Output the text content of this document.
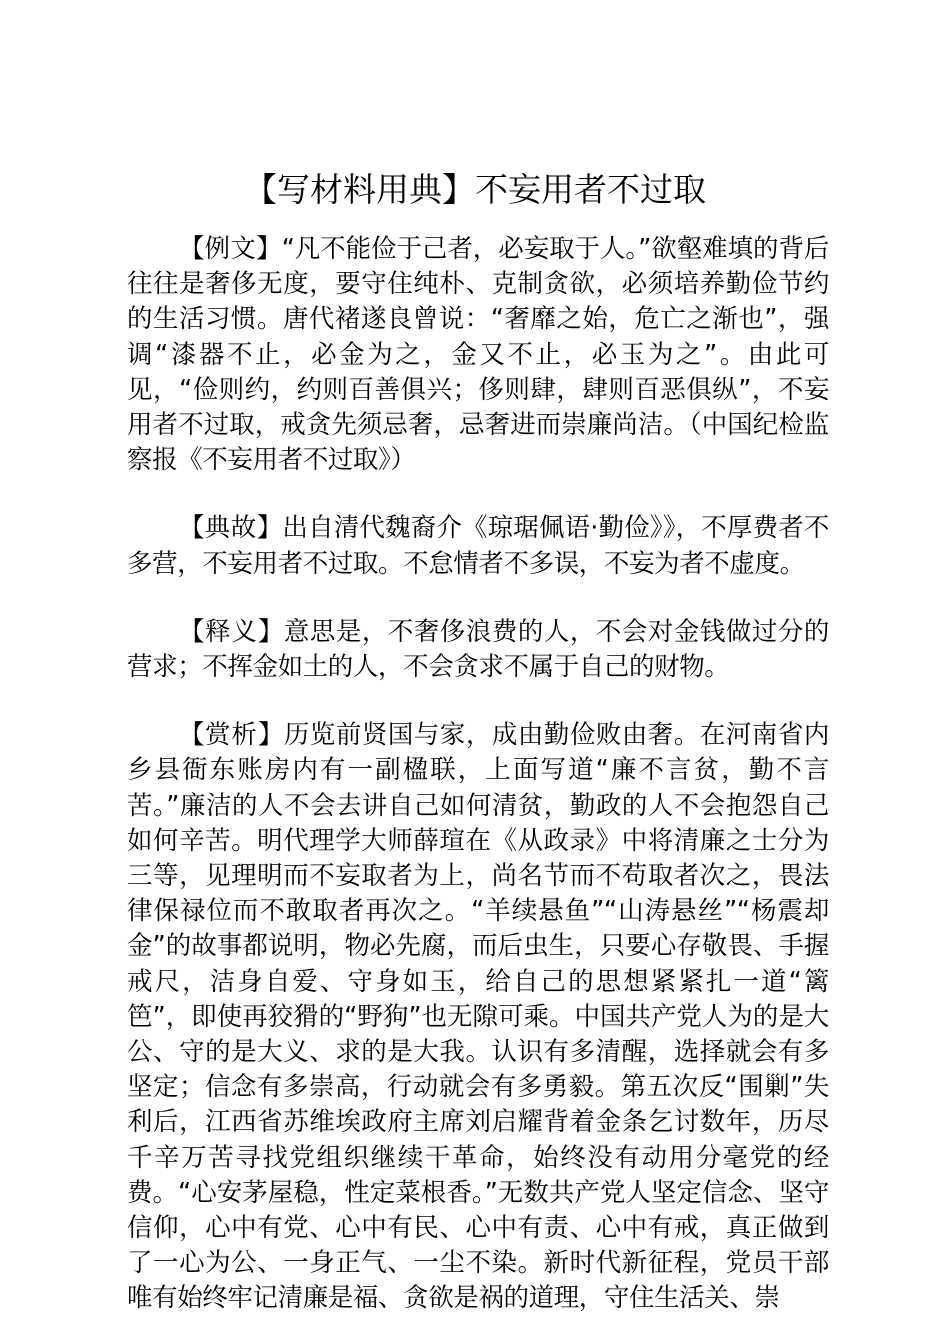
【写材料用典】不妄用者不过取

【例文】“凡不能俭于己者，必妄取于人。”欲壑难填的背后往往是奢侈无度，要守住纯朴、克制贪欲，必须培养勤俭节约的生活习惯。唐代褚遂良曾说：“奢靡之始，危亡之渐也”，强调“漆器不止，必金为之，金又不止，必玉为之”。由此可见，“俭则约，约则百善俱兴；侈则肆，肆则百恶俱纵”，不妄用者不过取，戒贪先须忌奢，忌奢进而崇廉尚洁。（中国纪检监察报《不妄用者不过取》）

【典故】出自清代魏裔介《琼琚佩语·勤俭》》，不厚费者不多营，不妄用者不过取。不怠情者不多误，不妄为者不虚度。

【释义】意思是，不奢侈浪费的人，不会对金钱做过分的营求；不挥金如土的人，不会贪求不属于自己的财物。

【赏析】历览前贤国与家，成由勤俭败由奢。在河南省内乡县衙东账房内有一副楹联，上面写道“廉不言贫，勤不言苦。”廉洁的人不会去讲自己如何清贫，勤政的人不会抱怨自己如何辛苦。明代理学大师薛瑄在《从政录》中将清廉之士分为三等，见理明而不妄取者为上，尚名节而不苟取者次之，畏法律保禄位而不敢取者再次之。“羊续悬鱼”“山涛悬丝”“杨震却金”的故事都说明，物必先腐，而后虫生，只要心存敬畏、手握戒尺，洁身自爱、守身如玉，给自己的思想紧紧扎一道“篱笆”，即使再狡猾的“野狗”也无隙可乘。中国共产党人为的是大公、守的是大义、求的是大我。认识有多清醒，选择就会有多坚定；信念有多崇高，行动就会有多勇毅。第五次反“围剿”失利后，江西省苏维埃政府主席刘启耀背着金条乞讨数年，历尽千辛万苦寻找党组织继续干革命，始终没有动用分毫党的经费。“心安茅屋稳，性定菜根香。”无数共产党人坚定信念、坚守信仰，心中有党、心中有民、心中有责、心中有戒，真正做到了一心为公、一身正气、一尘不染。新时代新征程，党员干部唯有始终牢记清廉是福、贪欲是祸的道理，守住生活关、崇
